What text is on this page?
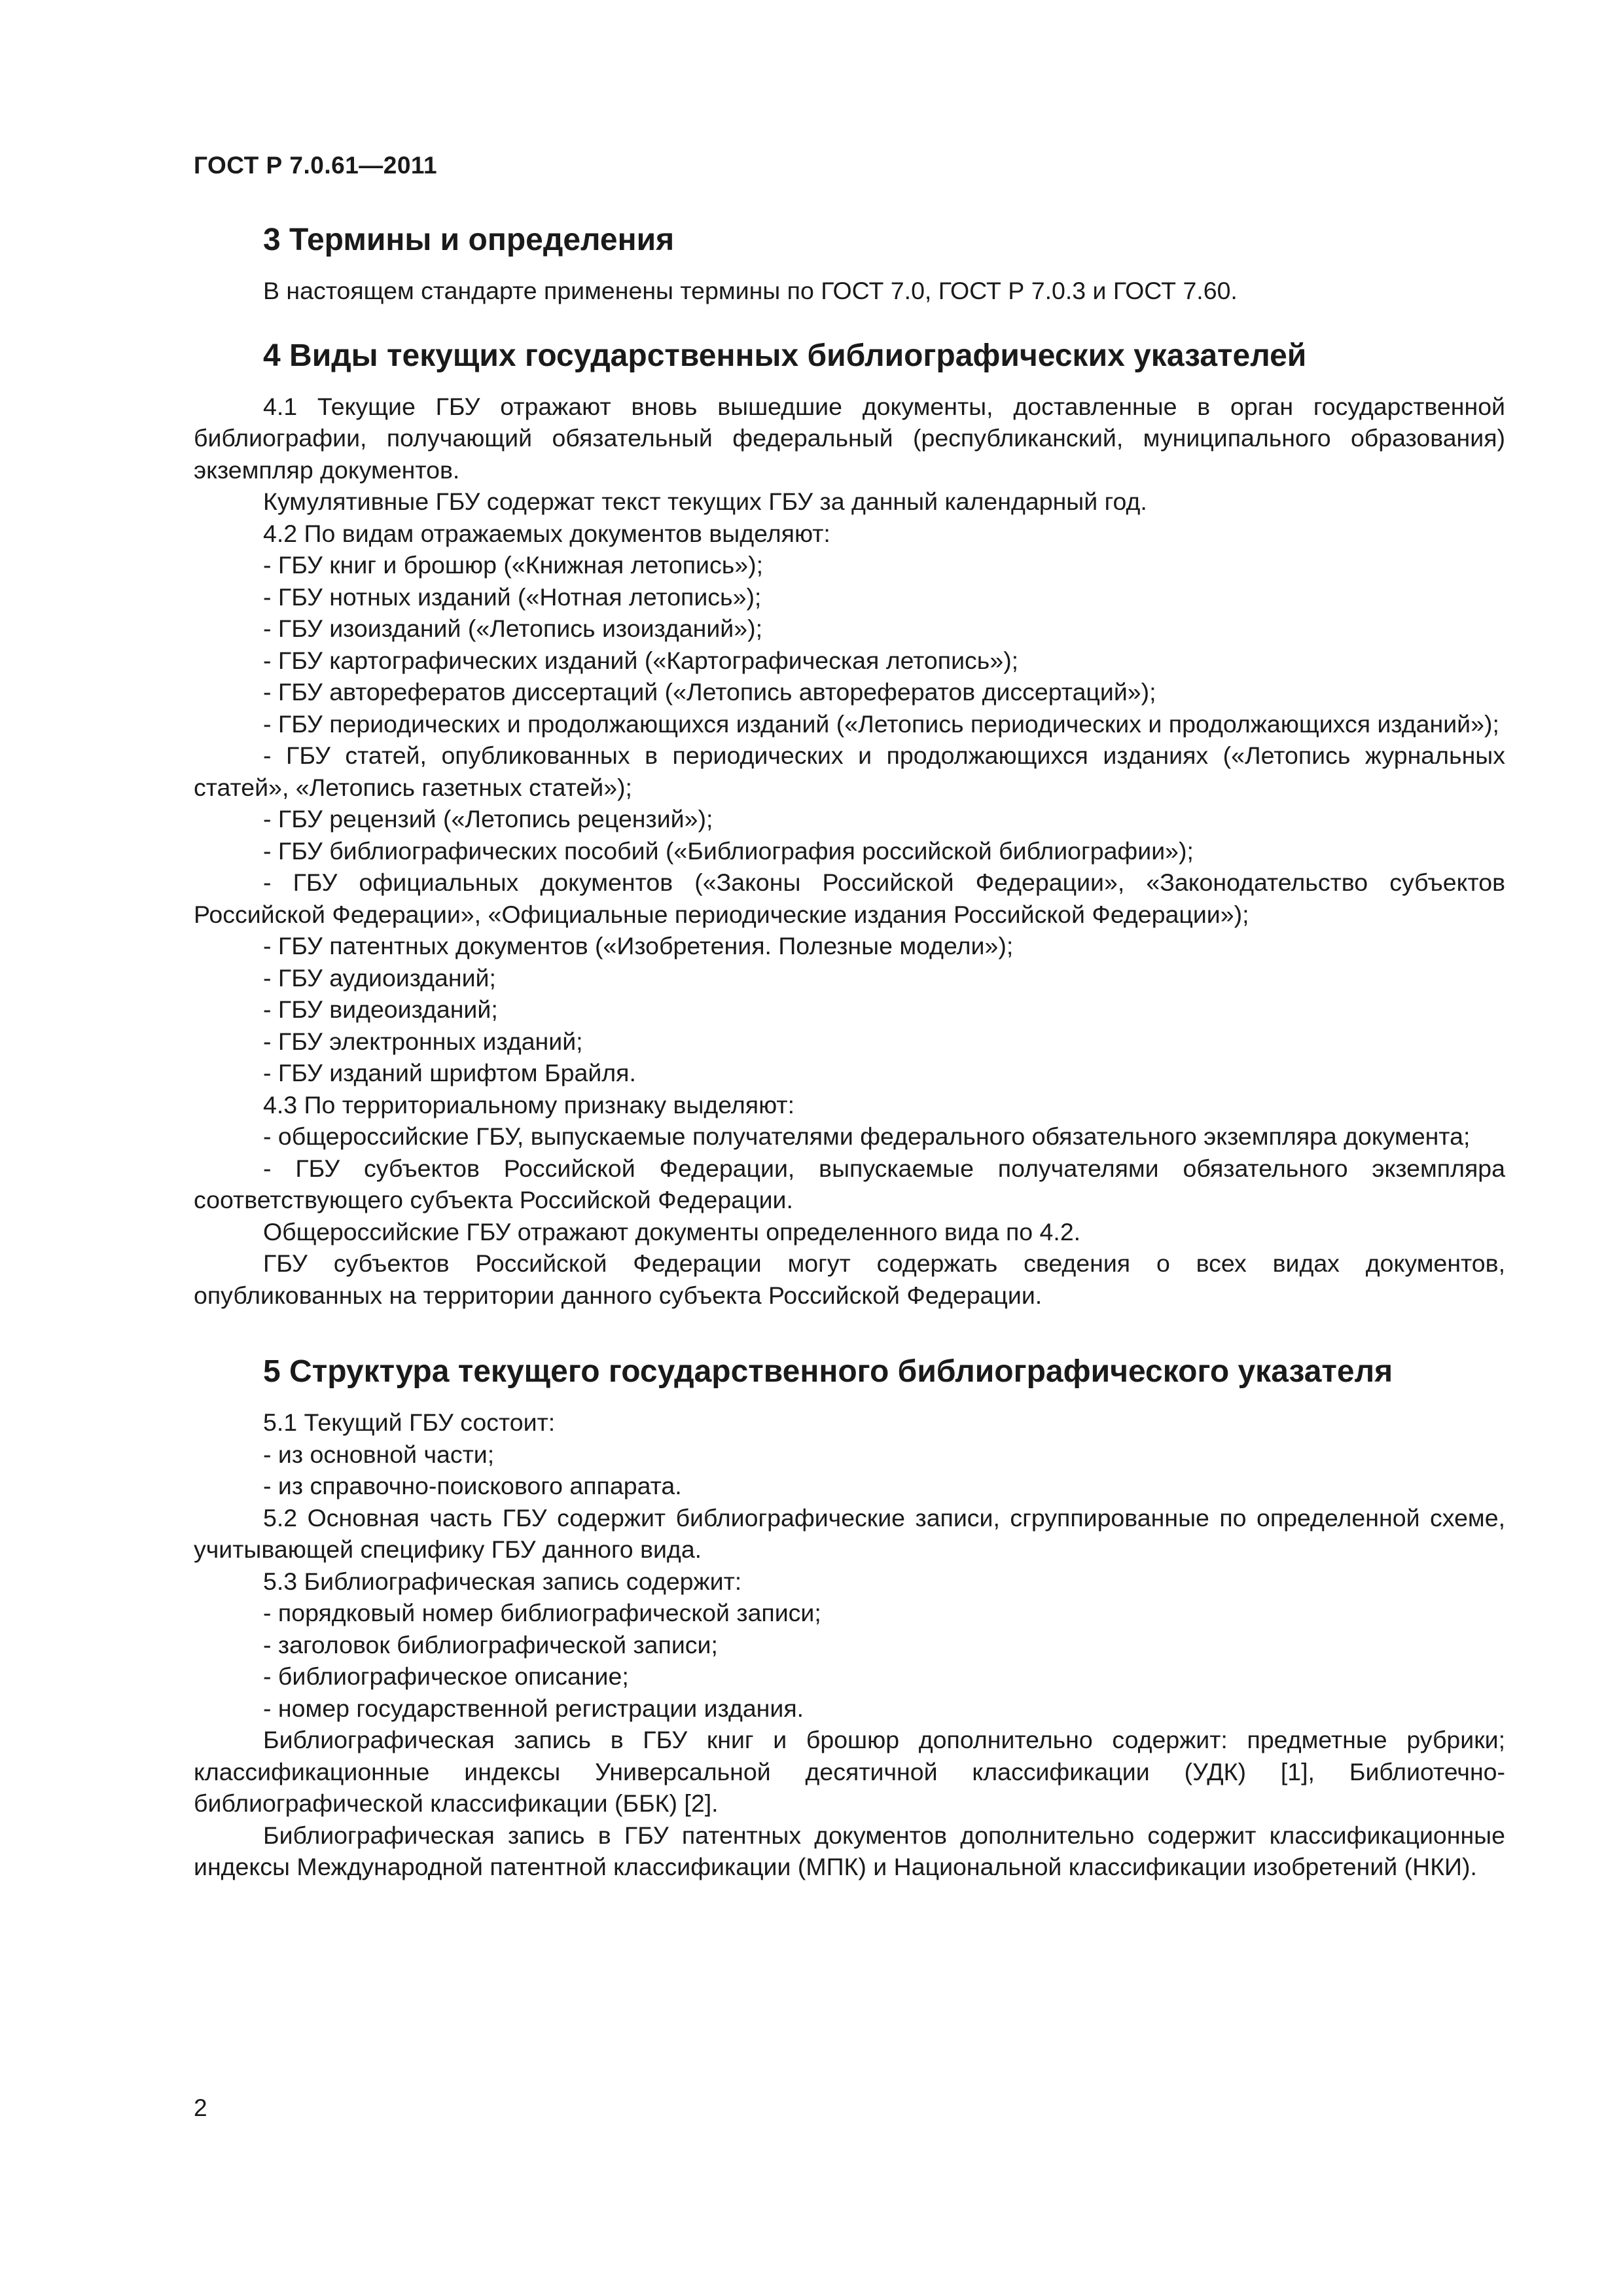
ГОСТ Р 7.0.61—2011
3 Термины и определения

В настоящем стандарте применены термины по ГОСТ 7.0, ГОСТ Р 7.0.3 и ГОСТ 7.60.

4 Виды текущих государственных библиографических указателей

4.1 Текущие ГБУ отражают вновь вышедшие документы, доставленные в орган государственной библиографии, получающий обязательный федеральный (республиканский, муниципального образования) экземпляр документов.

Кумулятивные ГБУ содержат текст текущих ГБУ за данный календарный год.

4.2 По видам отражаемых документов выделяют:

- ГБУ книг и брошюр («Книжная летопись»);

- ГБУ нотных изданий («Нотная летопись»);

- ГБУ изоизданий («Летопись изоизданий»);

- ГБУ картографических изданий («Картографическая летопись»);

- ГБУ авторефератов диссертаций («Летопись авторефератов диссертаций»);

- ГБУ периодических и продолжающихся изданий («Летопись периодических и продолжающихся изданий»);

- ГБУ статей, опубликованных в периодических и продолжающихся изданиях («Летопись журнальных статей», «Летопись газетных статей»);

- ГБУ рецензий («Летопись рецензий»);

- ГБУ библиографических пособий («Библиография российской библиографии»);

- ГБУ официальных документов («Законы Российской Федерации», «Законодательство субъектов Российской Федерации», «Официальные периодические издания Российской Федерации»);

- ГБУ патентных документов («Изобретения. Полезные модели»);

- ГБУ аудиоизданий;

- ГБУ видеоизданий;

- ГБУ электронных изданий;

- ГБУ изданий шрифтом Брайля.

4.3 По территориальному признаку выделяют:

- общероссийские ГБУ, выпускаемые получателями федерального обязательного экземпляра документа;

- ГБУ субъектов Российской Федерации, выпускаемые получателями обязательного экземпляра соответствующего субъекта Российской Федерации.

Общероссийские ГБУ отражают документы определенного вида по 4.2.

ГБУ субъектов Российской Федерации могут содержать сведения о всех видах документов, опубликованных на территории данного субъекта Российской Федерации.

5 Структура текущего государственного библиографического указателя

5.1 Текущий ГБУ состоит:

- из основной части;

- из справочно-поискового аппарата.

5.2 Основная часть ГБУ содержит библиографические записи, сгруппированные по определенной схеме, учитывающей специфику ГБУ данного вида.

5.3 Библиографическая запись содержит:

- порядковый номер библиографической записи;

- заголовок библиографической записи;

- библиографическое описание;

- номер государственной регистрации издания.

Библиографическая запись в ГБУ книг и брошюр дополнительно содержит: предметные рубрики; классификационные индексы Универсальной десятичной классификации (УДК) [1], Библиотечно-библиографической классификации (ББК) [2].

Библиографическая запись в ГБУ патентных документов дополнительно содержит классификационные индексы Международной патентной классификации (МПК) и Национальной классификации изобретений (НКИ).

2
